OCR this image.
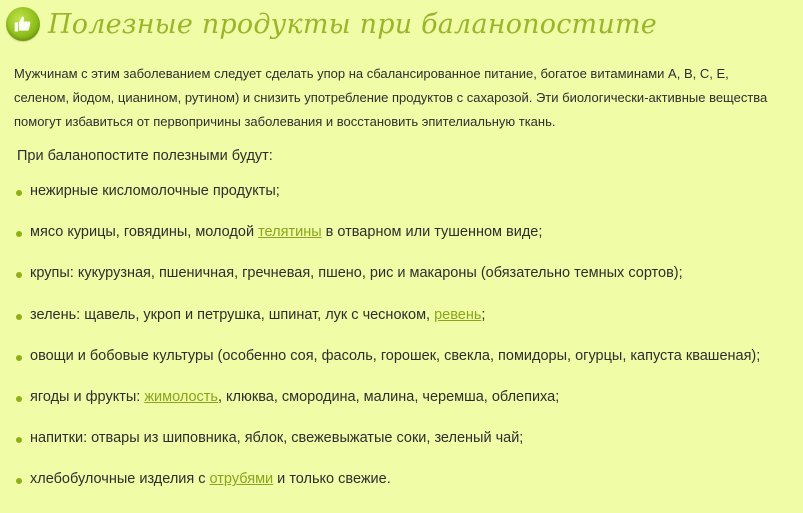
Полезные продукты при баланопостите
Мужчинам с этим заболеванием следует сделать упор на сбалансированное питание, богатое витаминами А, В, С, Е, селеном, йодом, цианином, рутином) и снизить употребление продуктов с сахарозой. Эти биологически-активные вещества помогут избавиться от первопричины заболевания и восстановить эпителиальную ткань.
При баланопостите полезными будут:
нежирные кисломолочные продукты;
мясо курицы, говядины, молодой телятины в отварном или тушенном виде;
крупы: кукурузная, пшеничная, гречневая, пшено, рис и макароны (обязательно темных сортов);
зелень: щавель, укроп и петрушка, шпинат, лук с чесноком, ревень;
овощи и бобовые культуры (особенно соя, фасоль, горошек, свекла, помидоры, огурцы, капуста квашеная);
ягоды и фрукты: жимолость, клюква, смородина, малина, черемша, облепиха;
напитки: отвары из шиповника, яблок, свежевыжатые соки, зеленый чай;
хлебобулочные изделия с отрубями и только свежие.
